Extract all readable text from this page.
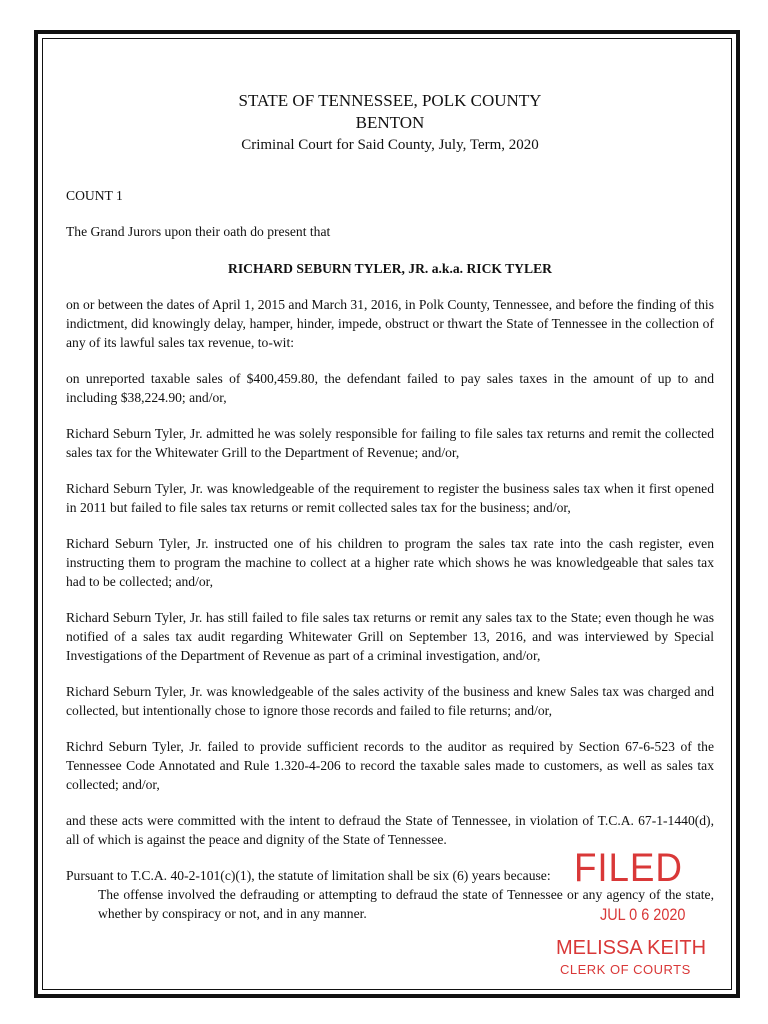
STATE OF TENNESSEE, POLK COUNTY
BENTON
Criminal Court for Said County, July, Term, 2020
COUNT 1
The Grand Jurors upon their oath do present that
RICHARD SEBURN TYLER, JR. a.k.a. RICK TYLER
on or between the dates of April 1, 2015 and March 31, 2016, in Polk County, Tennessee, and before the finding of this indictment, did knowingly delay, hamper, hinder, impede, obstruct or thwart the State of Tennessee in the collection of any of its lawful sales tax revenue, to-wit:
on unreported taxable sales of $400,459.80, the defendant failed to pay sales taxes in the amount of up to and including $38,224.90; and/or,
Richard Seburn Tyler, Jr. admitted he was solely responsible for failing to file sales tax returns and remit the collected sales tax for the Whitewater Grill to the Department of Revenue; and/or,
Richard Seburn Tyler, Jr. was knowledgeable of the requirement to register the business sales tax when it first opened in 2011 but failed to file sales tax returns or remit collected sales tax for the business; and/or,
Richard Seburn Tyler, Jr. instructed one of his children to program the sales tax rate into the cash register, even instructing them to program the machine to collect at a higher rate which shows he was knowledgeable that sales tax had to be collected; and/or,
Richard Seburn Tyler, Jr. has still failed to file sales tax returns or remit any sales tax to the State; even though he was notified of a sales tax audit regarding Whitewater Grill on September 13, 2016, and was interviewed by Special Investigations of the Department of Revenue as part of a criminal investigation, and/or,
Richard Seburn Tyler, Jr. was knowledgeable of the sales activity of the business and knew Sales tax was charged and collected, but intentionally chose to ignore those records and failed to file returns; and/or,
Richrd Seburn Tyler, Jr. failed to provide sufficient records to the auditor as required by Section 67-6-523 of the Tennessee Code Annotated and Rule 1.320-4-206 to record the taxable sales made to customers, as well as sales tax collected; and/or,
and these acts were committed with the intent to defraud the State of Tennessee, in violation of T.C.A. 67-1-1440(d), all of which is against the peace and dignity of the State of Tennessee.
Pursuant to T.C.A. 40-2-101(c)(1), the statute of limitation shall be six (6) years because:
The offense involved the defrauding or attempting to defraud the state of Tennessee or any agency of the state, whether by conspiracy or not, and in any manner.
FILED
JUL 0 6 2020
MELISSA KEITH
CLERK OF COURTS
